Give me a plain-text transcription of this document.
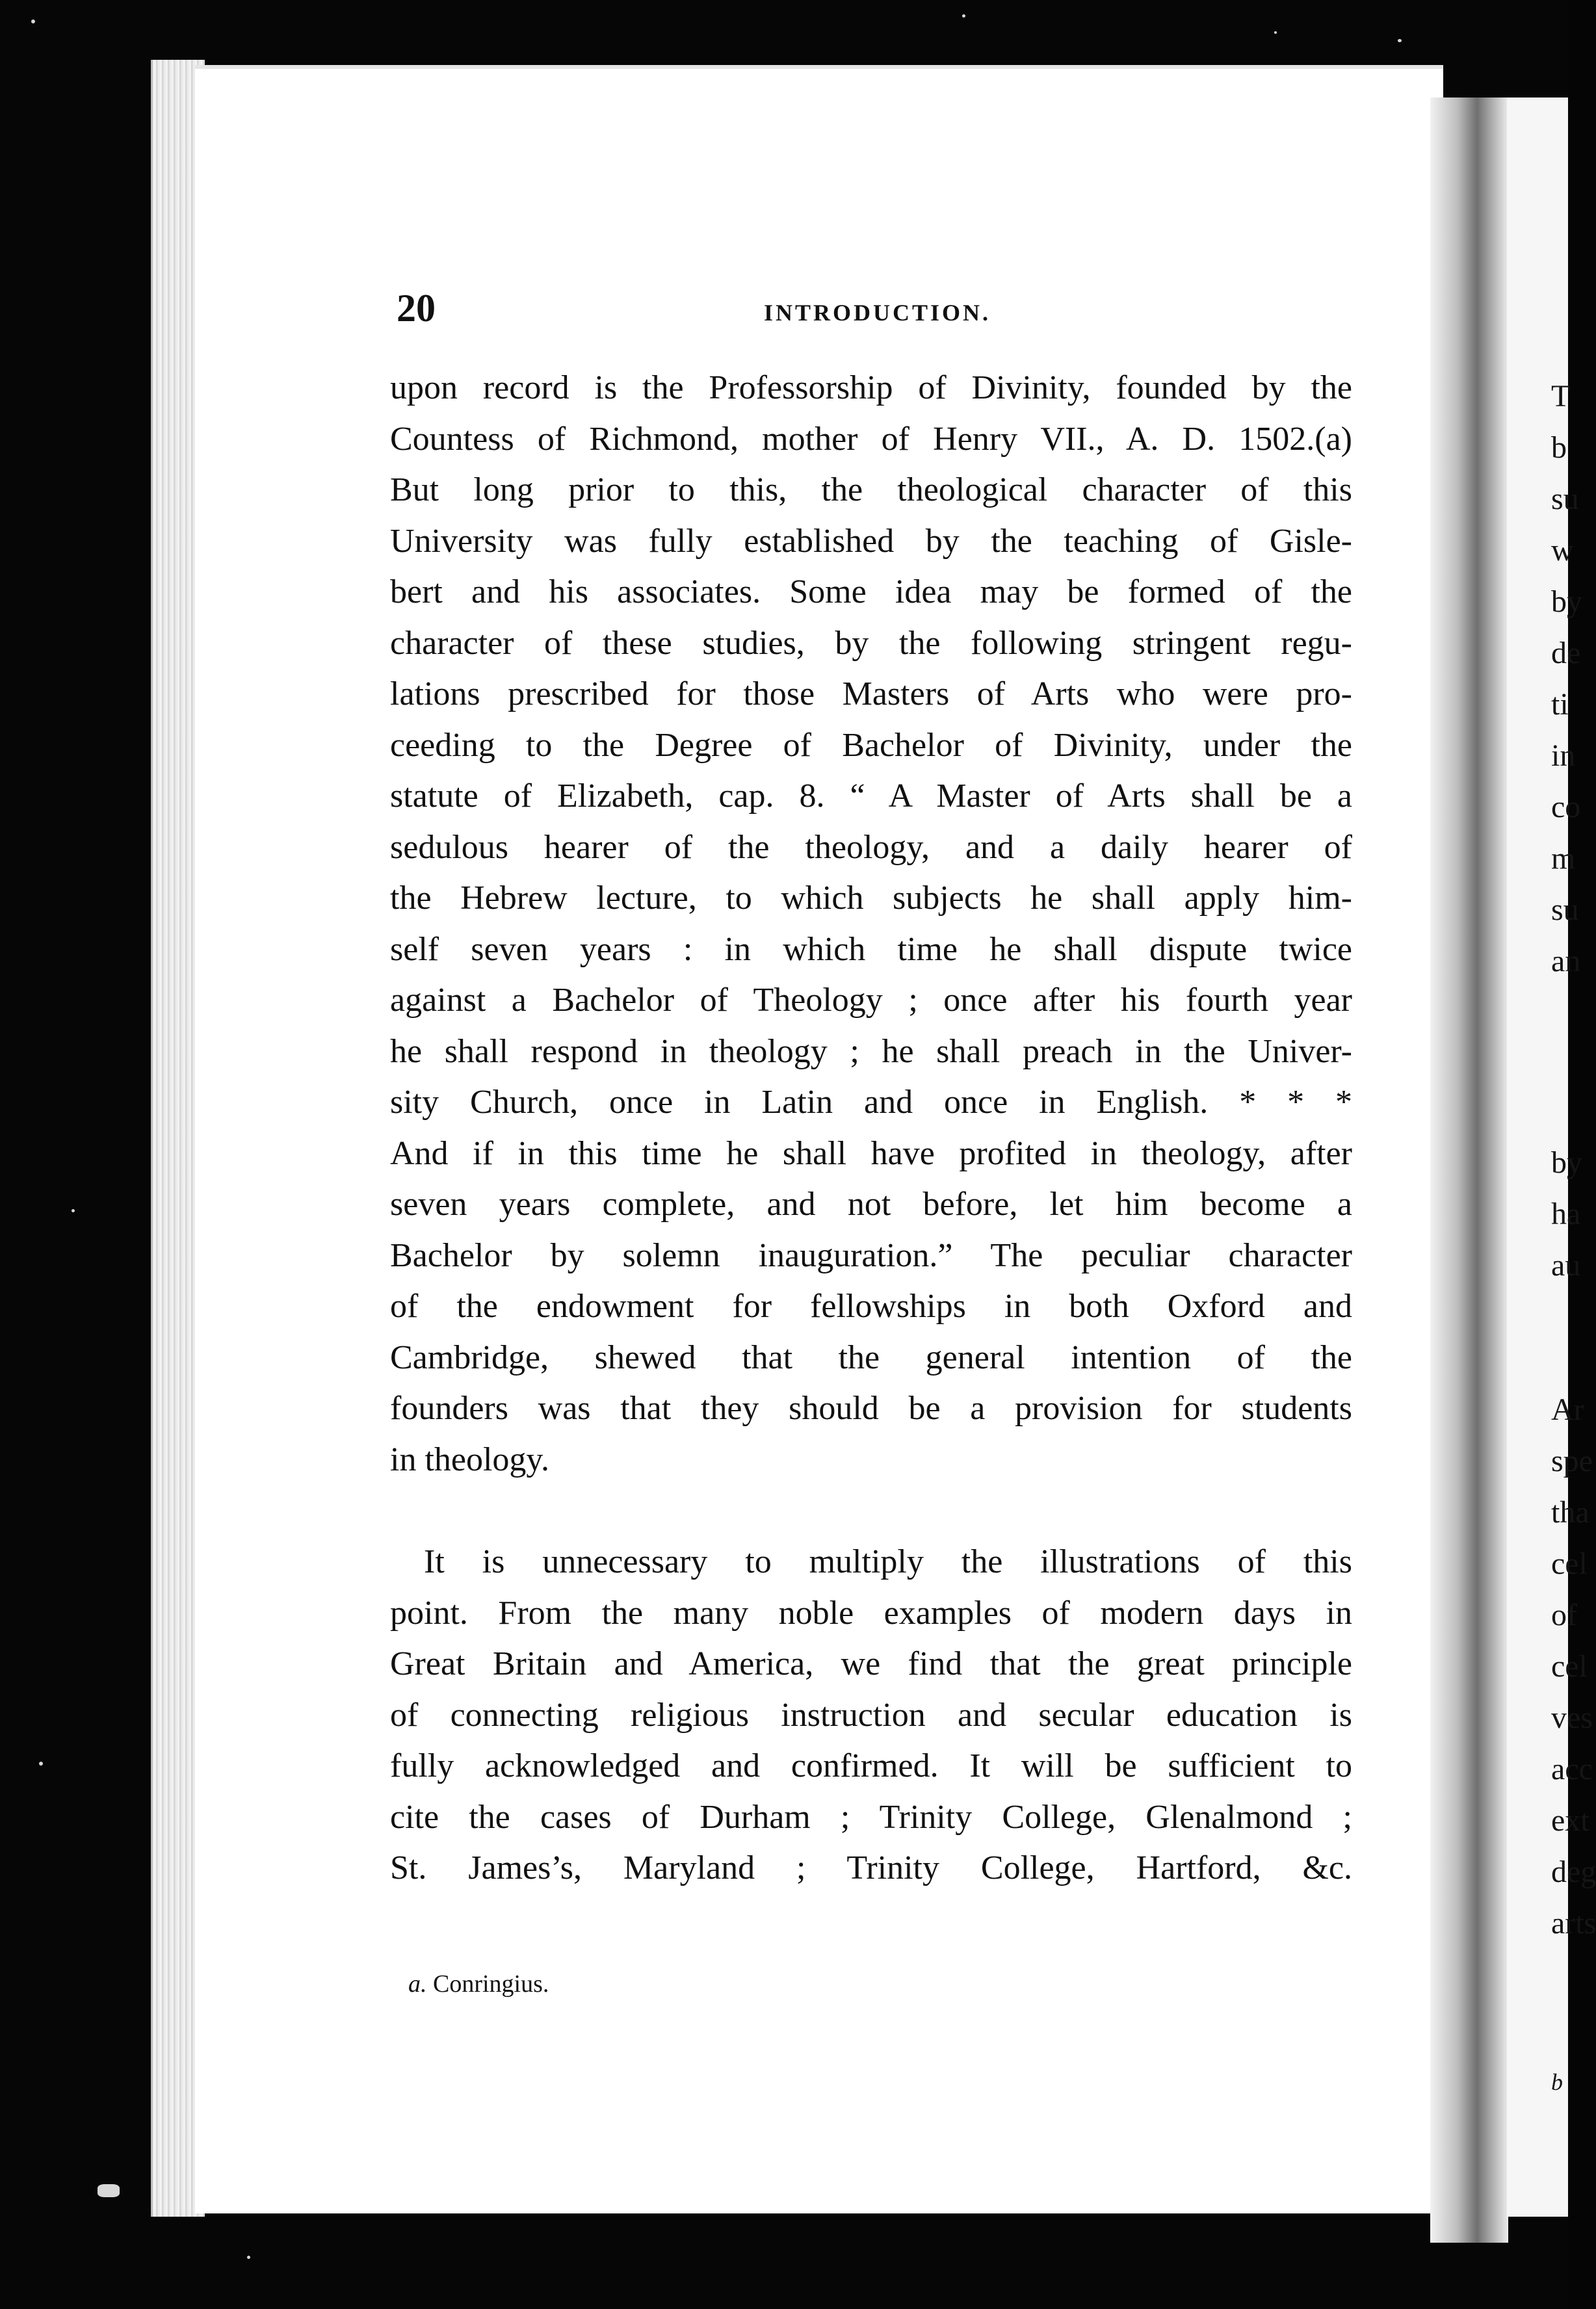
T
b
su
w
by
de
ti
in
co
m
su
an
by
ha
au
Ar
spe
tha
cel
of
cel
ves
acc
ext
deg
arts
b
20	INTRODUCTION.
upon record is the Professorship of Divinity, founded by the
Countess of Richmond, mother of Henry VII., A. D. 1502.(a)
But long prior to this, the theological character of this
University was fully established by the teaching of Gisle-
bert and his associates. Some idea may be formed of the
character of these studies, by the following stringent regu-
lations prescribed for those Masters of Arts who were pro-
ceeding to the Degree of Bachelor of Divinity, under the
statute of Elizabeth, cap. 8. “ A Master of Arts shall be a
sedulous hearer of the theology, and a daily hearer of
the Hebrew lecture, to which subjects he shall apply him-
self seven years : in which time he shall dispute twice
against a Bachelor of Theology ; once after his fourth year
he shall respond in theology ; he shall preach in the Univer-
sity Church, once in Latin and once in English. * * *
And if in this time he shall have profited in theology, after
seven years complete, and not before, let him become a
Bachelor by solemn inauguration.” The peculiar character
of the endowment for fellowships in both Oxford and
Cambridge, shewed that the general intention of the
founders was that they should be a provision for students
in theology.
It is unnecessary to multiply the illustrations of this
point. From the many noble examples of modern days in
Great Britain and America, we find that the great principle
of connecting religious instruction and secular education is
fully acknowledged and confirmed. It will be sufficient to
cite the cases of Durham ; Trinity College, Glenalmond ;
St. James’s, Maryland ; Trinity College, Hartford, &c.
a. Conringius.
